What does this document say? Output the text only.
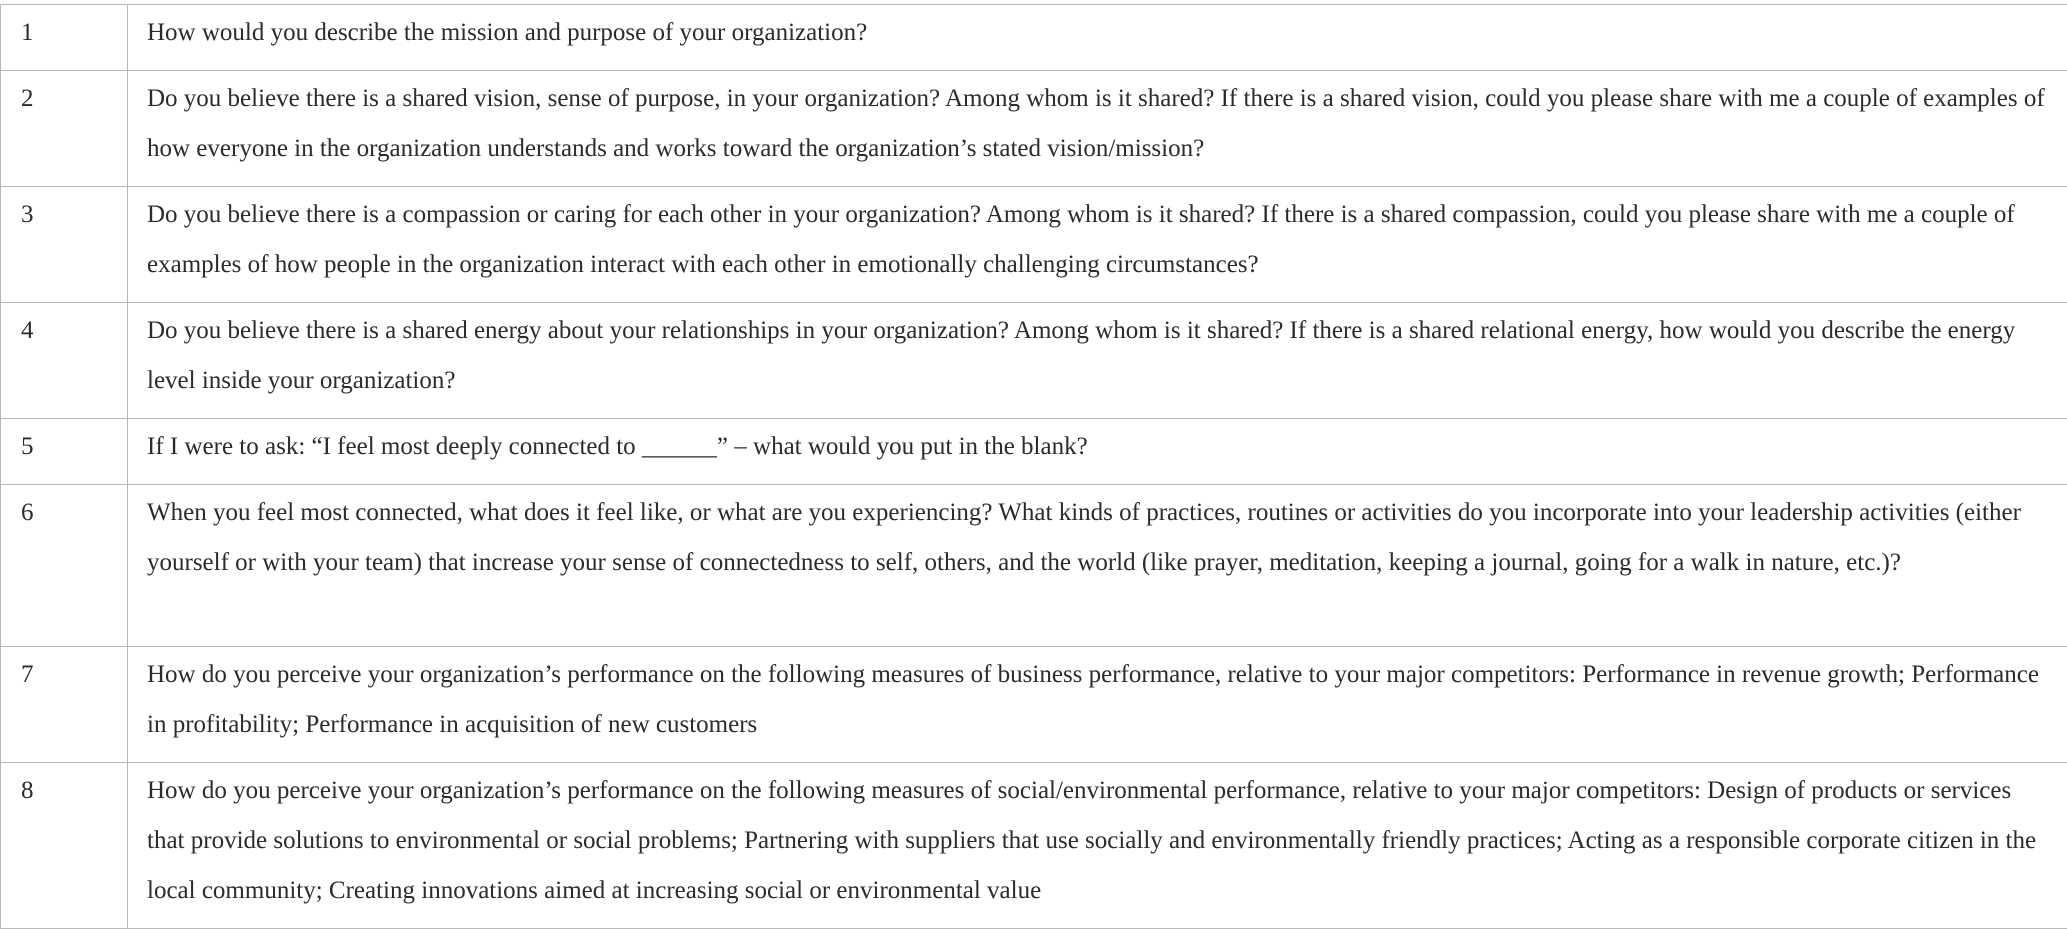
1	How would you describe the mission and purpose of your organization?

2	Do you believe there is a shared vision, sense of purpose, in your organization? Among whom is it shared? If there is a shared vision, could you please share with me a couple of examples of how everyone in the organization understands and works toward the organization’s stated vision/mission?

3	Do you believe there is a compassion or caring for each other in your organization? Among whom is it shared? If there is a shared compassion, could you please share with me a couple of examples of how people in the organization interact with each other in emotionally challenging circumstances?

4	Do you believe there is a shared energy about your relationships in your organization? Among whom is it shared? If there is a shared relational energy, how would you describe the energy level inside your organization?

5	If I were to ask: “I feel most deeply connected to ______” – what would you put in the blank?

6	When you feel most connected, what does it feel like, or what are you experiencing? What kinds of practices, routines or activities do you incorporate into your leadership activities (either yourself or with your team) that increase your sense of connectedness to self, others, and the world (like prayer, meditation, keeping a journal, going for a walk in nature, etc.)?

7	How do you perceive your organization’s performance on the following measures of business performance, relative to your major competitors: Performance in revenue growth; Performance in profitability; Performance in acquisition of new customers

8	How do you perceive your organization’s performance on the following measures of social/environmental performance, relative to your major competitors: Design of products or services that provide solutions to environmental or social problems; Partnering with suppliers that use socially and environmentally friendly practices; Acting as a responsible corporate citizen in the local community; Creating innovations aimed at increasing social or environmental value
